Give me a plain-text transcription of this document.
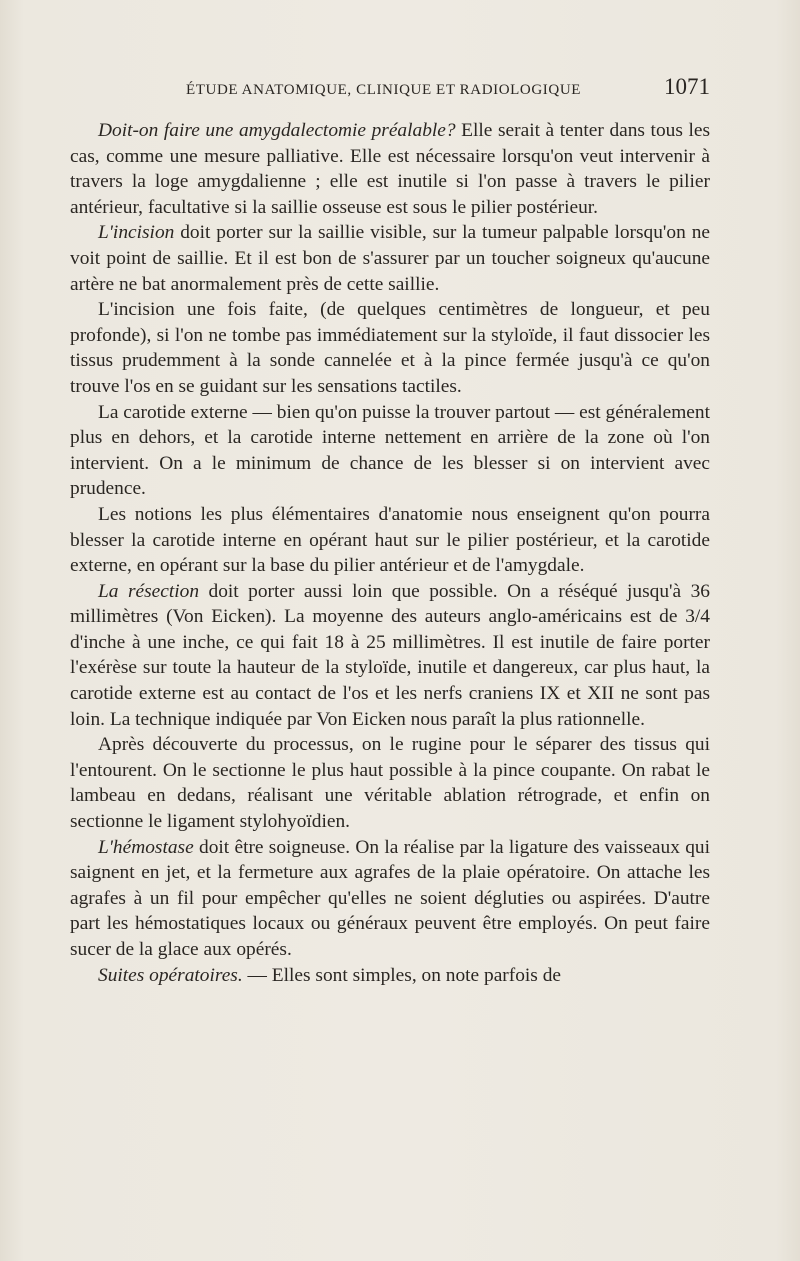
ÉTUDE ANATOMIQUE, CLINIQUE ET RADIOLOGIQUE	1071

Doit-on faire une amygdalectomie préalable? Elle serait à tenter dans tous les cas, comme une mesure palliative. Elle est nécessaire lorsqu'on veut intervenir à travers la loge amygdalienne ; elle est inutile si l'on passe à travers le pilier antérieur, facultative si la saillie osseuse est sous le pilier postérieur.

L'incision doit porter sur la saillie visible, sur la tumeur palpable lorsqu'on ne voit point de saillie. Et il est bon de s'assurer par un toucher soigneux qu'aucune artère ne bat anormalement près de cette saillie.

L'incision une fois faite, (de quelques centimètres de longueur, et peu profonde), si l'on ne tombe pas immédiatement sur la styloïde, il faut dissocier les tissus prudemment à la sonde cannelée et à la pince fermée jusqu'à ce qu'on trouve l'os en se guidant sur les sensations tactiles.

La carotide externe — bien qu'on puisse la trouver partout — est généralement plus en dehors, et la carotide interne nettement en arrière de la zone où l'on intervient. On a le minimum de chance de les blesser si on intervient avec prudence.

Les notions les plus élémentaires d'anatomie nous enseignent qu'on pourra blesser la carotide interne en opérant haut sur le pilier postérieur, et la carotide externe, en opérant sur la base du pilier antérieur et de l'amygdale.

La résection doit porter aussi loin que possible. On a réséqué jusqu'à 36 millimètres (Von Eicken). La moyenne des auteurs anglo-américains est de 3/4 d'inche à une inche, ce qui fait 18 à 25 millimètres. Il est inutile de faire porter l'exérèse sur toute la hauteur de la styloïde, inutile et dangereux, car plus haut, la carotide externe est au contact de l'os et les nerfs craniens IX et XII ne sont pas loin. La technique indiquée par Von Eicken nous paraît la plus rationnelle.

Après découverte du processus, on le rugine pour le séparer des tissus qui l'entourent. On le sectionne le plus haut possible à la pince coupante. On rabat le lambeau en dedans, réalisant une véritable ablation rétrograde, et enfin on sectionne le ligament stylohyoïdien.

L'hémostase doit être soigneuse. On la réalise par la ligature des vaisseaux qui saignent en jet, et la fermeture aux agrafes de la plaie opératoire. On attache les agrafes à un fil pour empêcher qu'elles ne soient dégluties ou aspirées. D'autre part les hémostatiques locaux ou généraux peuvent être employés. On peut faire sucer de la glace aux opérés.

Suites opératoires. — Elles sont simples, on note parfois de
